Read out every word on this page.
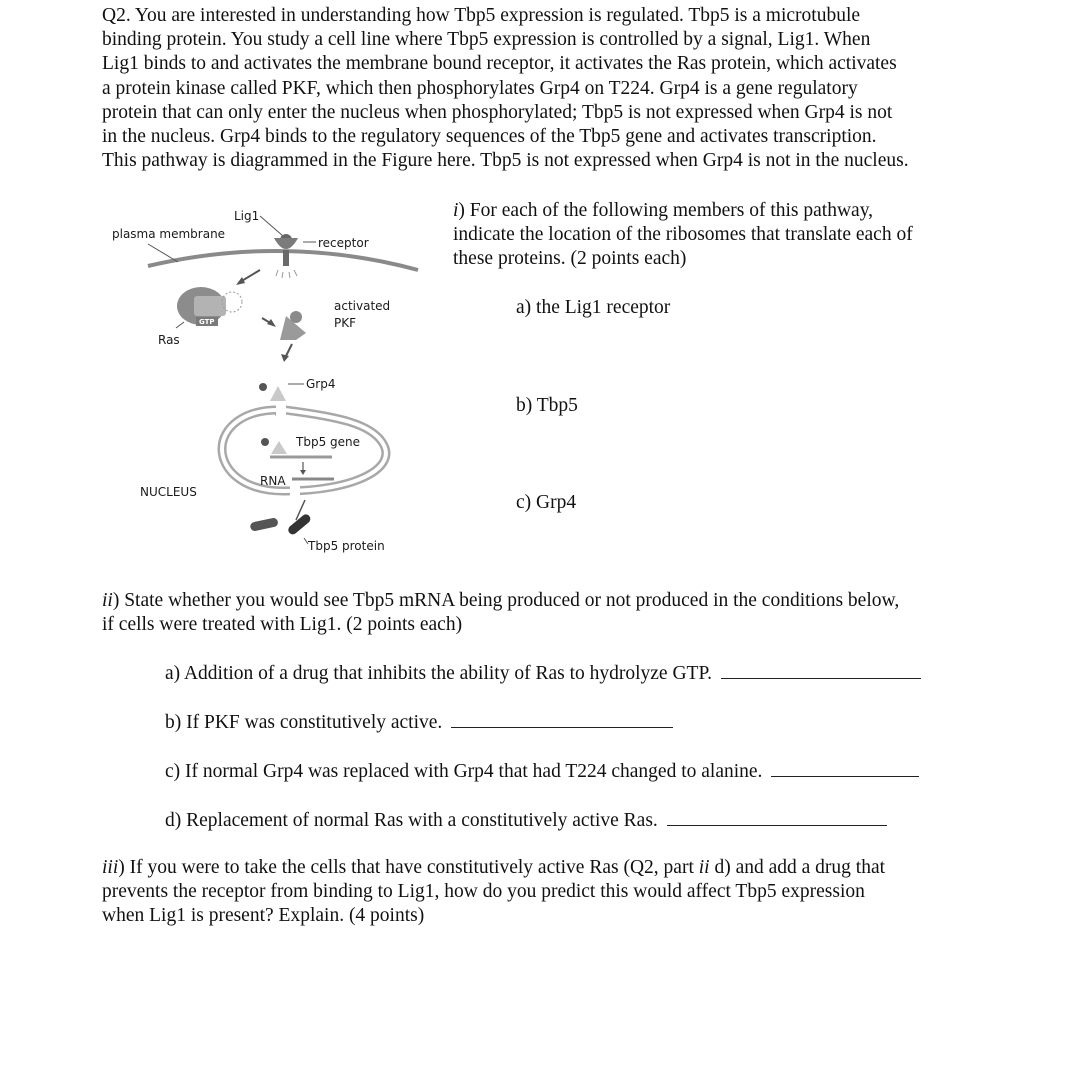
Q2. You are interested in understanding how Tbp5 expression is regulated. Tbp5 is a microtubule
binding protein. You study a cell line where Tbp5 expression is controlled by a signal, Lig1. When
Lig1 binds to and activates the membrane bound receptor, it activates the Ras protein, which activates
a protein kinase called PKF, which then phosphorylates Grp4 on T224. Grp4 is a gene regulatory
protein that can only enter the nucleus when phosphorylated; Tbp5 is not expressed when Grp4 is not
in the nucleus. Grp4 binds to the regulatory sequences of the Tbp5 gene and activates transcription.
This pathway is diagrammed in the Figure here. Tbp5 is not expressed when Grp4 is not in the nucleus.
plasma membrane
Lig1
receptor
GTP
Ras
activated
PKF
Grp4
NUCLEUS
Tbp5 gene
RNA
Tbp5 protein
i) For each of the following members of this pathway,
indicate the location of the ribosomes that translate each of
these proteins. (2 points each)
a) the Lig1 receptor
b) Tbp5
c) Grp4
ii) State whether you would see Tbp5 mRNA being produced or not produced in the conditions below,
if cells were treated with Lig1. (2 points each)
a) Addition of a drug that inhibits the ability of Ras to hydrolyze GTP.
b) If PKF was constitutively active.
c) If normal Grp4 was replaced with Grp4 that had T224 changed to alanine.
d) Replacement of normal Ras with a constitutively active Ras.
iii) If you were to take the cells that have constitutively active Ras (Q2, part ii d) and add a drug that
prevents the receptor from binding to Lig1, how do you predict this would affect Tbp5 expression
when Lig1 is present? Explain. (4 points)
